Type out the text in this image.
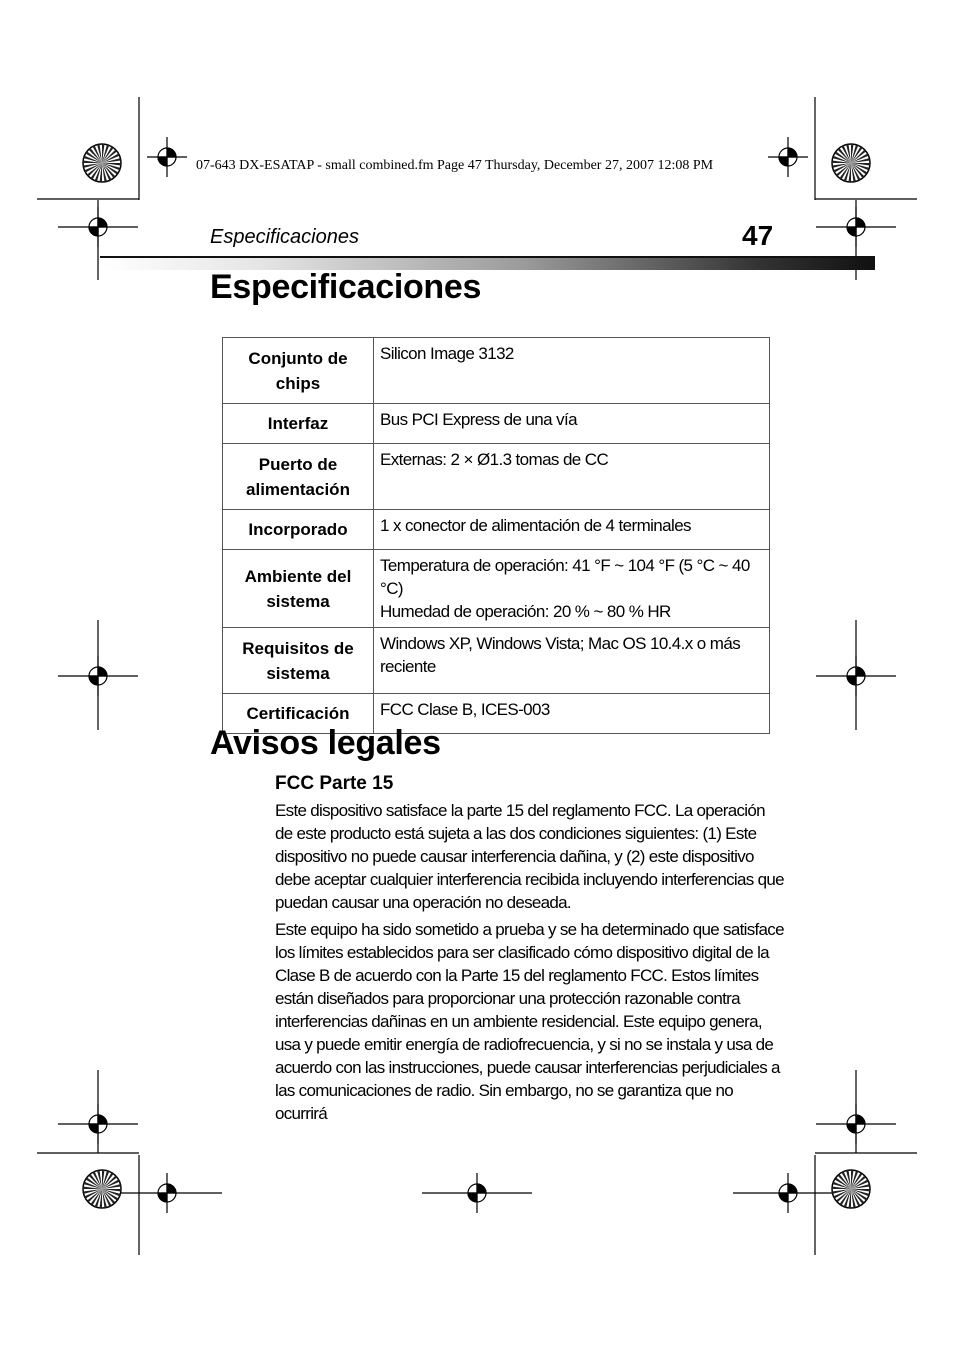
07-643 DX-ESATAP - small combined.fm Page 47 Thursday, December 27, 2007 12:08 PM
Especificaciones	47
Especificaciones
Conjunto de chips	Silicon Image 3132
Interfaz	Bus PCI Express de una vía
Puerto de alimentación	Externas: 2 × Ø1.3 tomas de CC
Incorporado	1 x conector de alimentación de 4 terminales
Ambiente del sistema	Temperatura de operación: 41 °F ~ 104 °F (5 °C ~ 40 °C)
Humedad de operación: 20 % ~ 80 % HR

Requisitos de sistema	Windows XP, Windows Vista; Mac OS 10.4.x o más reciente
Certificación	FCC Clase B, ICES-003
Avisos legales
FCC Parte 15

Este dispositivo satisface la parte 15 del reglamento FCC. La operación de este producto está sujeta a las dos condiciones siguientes: (1) Este dispositivo no puede causar interferencia dañina, y (2) este dispositivo debe aceptar cualquier interferencia recibida incluyendo interferencias que puedan causar una operación no deseada.

Este equipo ha sido sometido a prueba y se ha determinado que satisface los límites establecidos para ser clasificado cómo dispositivo digital de la Clase B de acuerdo con la Parte 15 del reglamento FCC. Estos límites están diseñados para proporcionar una protección razonable contra interferencias dañinas en un ambiente residencial. Este equipo genera, usa y puede emitir energía de radiofrecuencia, y si no se instala y usa de acuerdo con las instrucciones, puede causar interferencias perjudiciales a las comunicaciones de radio. Sin embargo, no se garantiza que no ocurrirá
